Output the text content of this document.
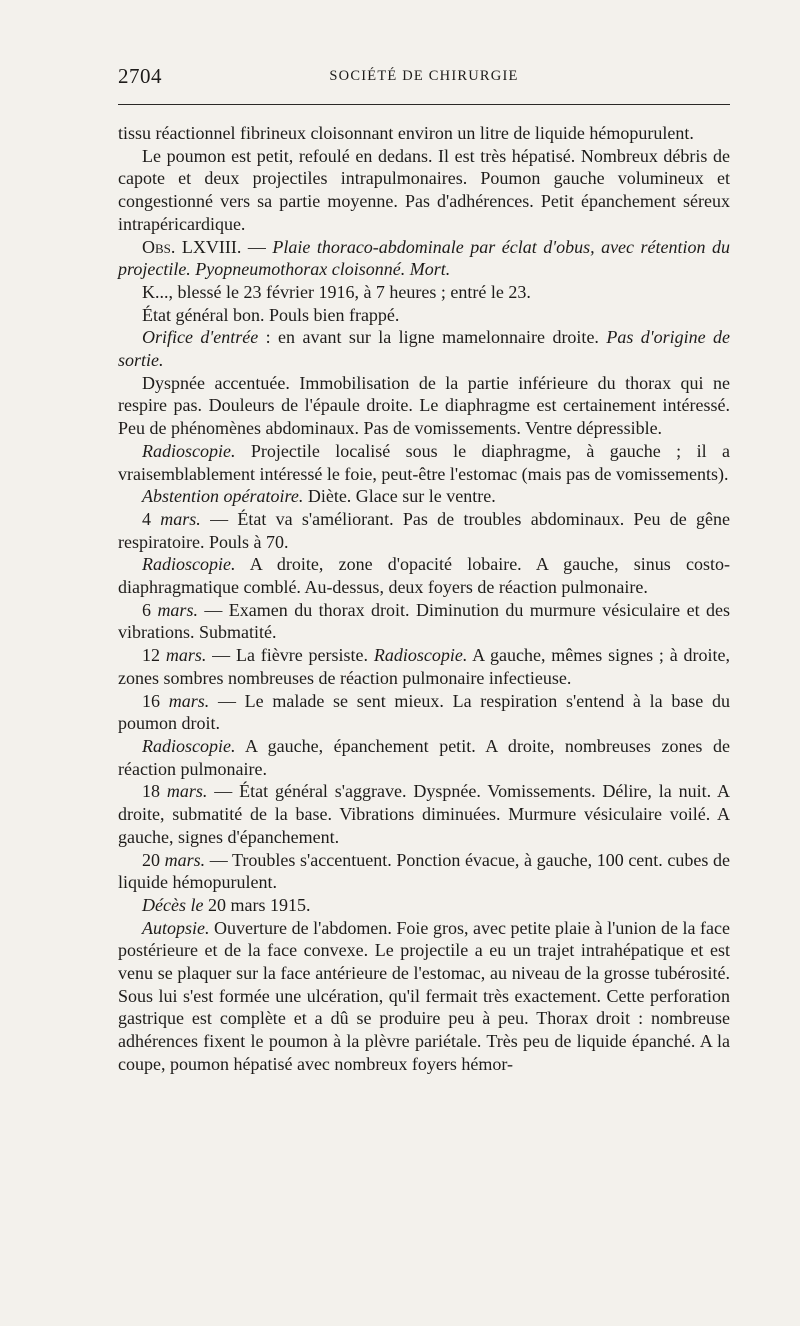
2704	SOCIÉTÉ DE CHIRURGIE

tissu réactionnel fibrineux cloisonnant environ un litre de liquide hémopurulent.

Le poumon est petit, refoulé en dedans. Il est très hépatisé. Nombreux débris de capote et deux projectiles intrapulmonaires. Poumon gauche volumineux et congestionné vers sa partie moyenne. Pas d'adhérences. Petit épanchement séreux intrapéricardique.

Obs. LXVIII. — Plaie thoraco-abdominale par éclat d'obus, avec rétention du projectile. Pyopneumothorax cloisonné. Mort.

K..., blessé le 23 février 1916, à 7 heures ; entré le 23.

État général bon. Pouls bien frappé.

Orifice d'entrée : en avant sur la ligne mamelonnaire droite. Pas d'origine de sortie.

Dyspnée accentuée. Immobilisation de la partie inférieure du thorax qui ne respire pas. Douleurs de l'épaule droite. Le diaphragme est certainement intéressé. Peu de phénomènes abdominaux. Pas de vomissements. Ventre dépressible.

Radioscopie. Projectile localisé sous le diaphragme, à gauche ; il a vraisemblablement intéressé le foie, peut-être l'estomac (mais pas de vomissements).

Abstention opératoire. Diète. Glace sur le ventre.

4 mars. — État va s'améliorant. Pas de troubles abdominaux. Peu de gêne respiratoire. Pouls à 70.

Radioscopie. A droite, zone d'opacité lobaire. A gauche, sinus costo-diaphragmatique comblé. Au-dessus, deux foyers de réaction pulmonaire.

6 mars. — Examen du thorax droit. Diminution du murmure vésiculaire et des vibrations. Submatité.

12 mars. — La fièvre persiste. Radioscopie. A gauche, mêmes signes ; à droite, zones sombres nombreuses de réaction pulmonaire infectieuse.

16 mars. — Le malade se sent mieux. La respiration s'entend à la base du poumon droit.

Radioscopie. A gauche, épanchement petit. A droite, nombreuses zones de réaction pulmonaire.

18 mars. — État général s'aggrave. Dyspnée. Vomissements. Délire, la nuit. A droite, submatité de la base. Vibrations diminuées. Murmure vésiculaire voilé. A gauche, signes d'épanchement.

20 mars. — Troubles s'accentuent. Ponction évacue, à gauche, 100 cent. cubes de liquide hémopurulent.

Décès le 20 mars 1915.

Autopsie. Ouverture de l'abdomen. Foie gros, avec petite plaie à l'union de la face postérieure et de la face convexe. Le projectile a eu un trajet intrahépatique et est venu se plaquer sur la face antérieure de l'estomac, au niveau de la grosse tubérosité. Sous lui s'est formée une ulcération, qu'il fermait très exactement. Cette perforation gastrique est complète et a dû se produire peu à peu. Thorax droit : nombreuse adhérences fixent le poumon à la plèvre pariétale. Très peu de liquide épanché. A la coupe, poumon hépatisé avec nombreux foyers hémor-
